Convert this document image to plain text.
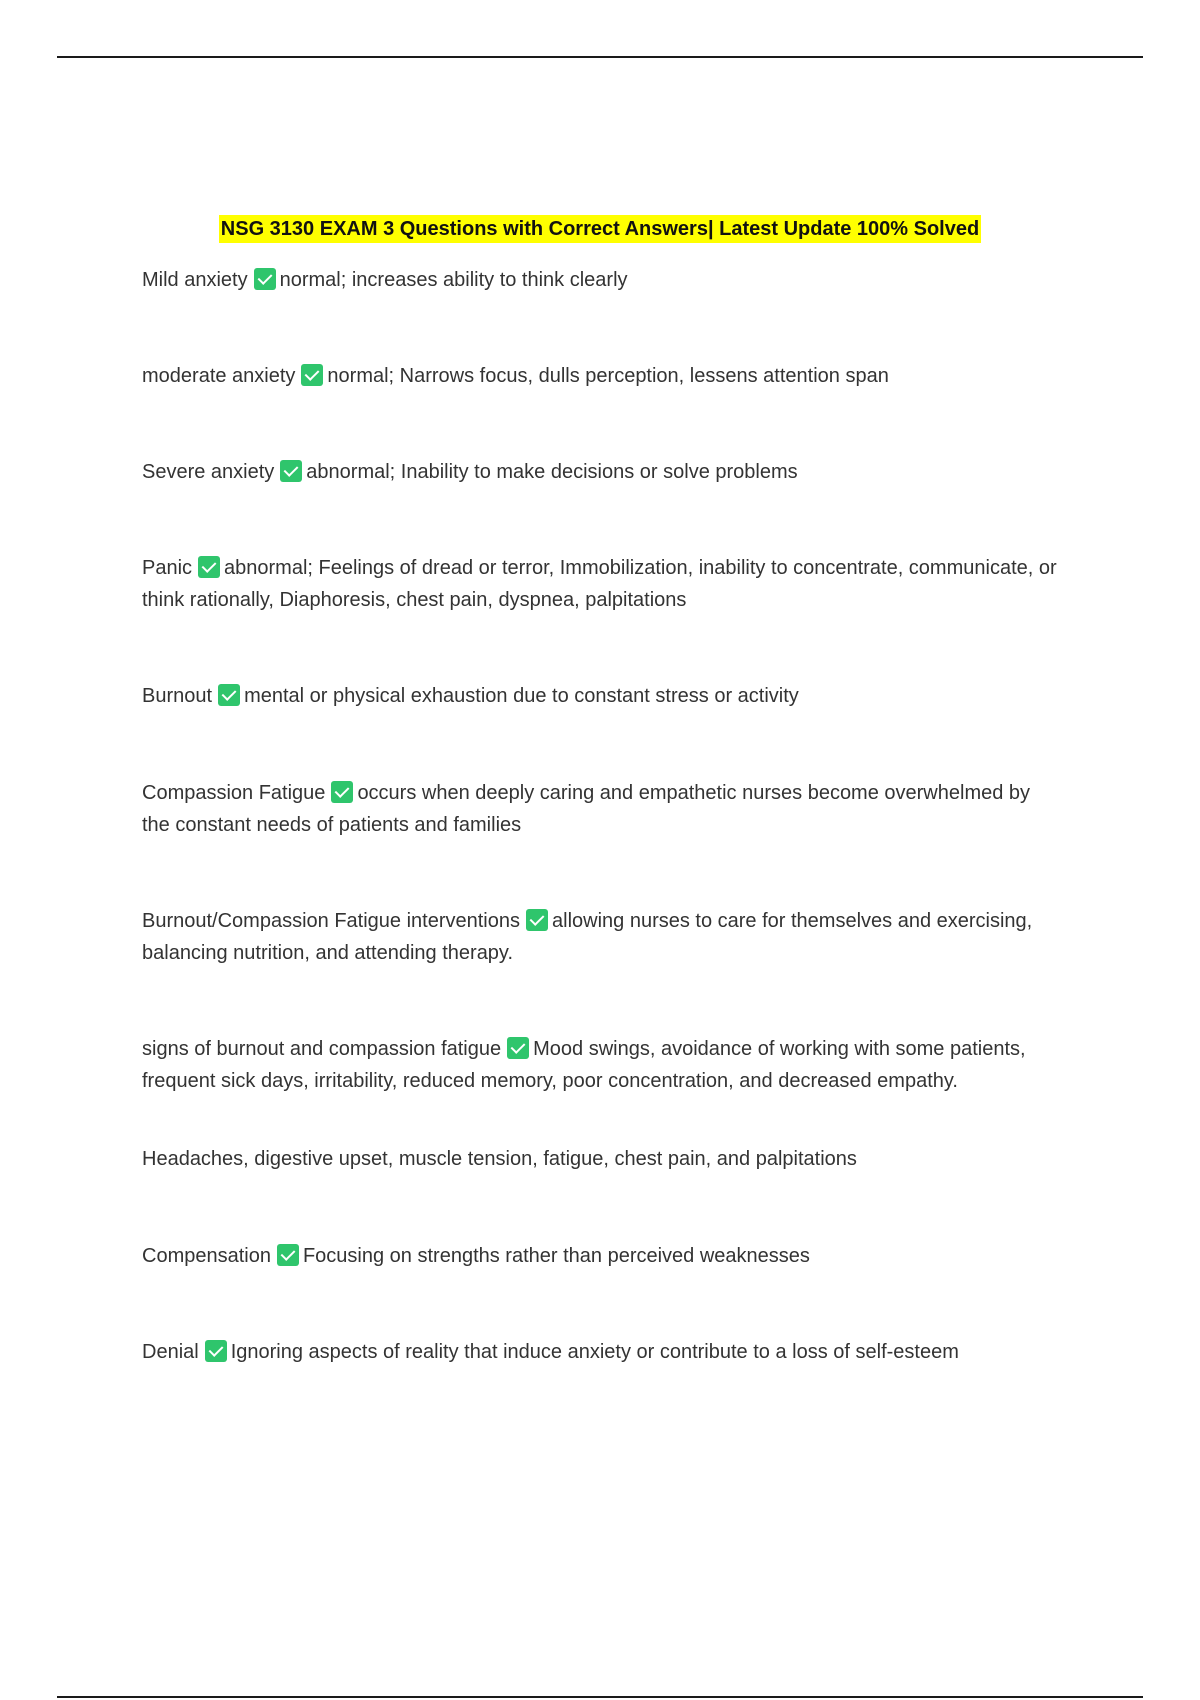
NSG 3130 EXAM 3 Questions with Correct Answers| Latest Update 100% Solved
Mild anxiety normal; increases ability to think clearly
moderate anxiety normal; Narrows focus, dulls perception, lessens attention span
Severe anxiety abnormal; Inability to make decisions or solve problems
Panic abnormal; Feelings of dread or terror, Immobilization, inability to concentrate, communicate, or think rationally, Diaphoresis, chest pain, dyspnea, palpitations
Burnout mental or physical exhaustion due to constant stress or activity
Compassion Fatigue occurs when deeply caring and empathetic nurses become overwhelmed by the constant needs of patients and families
Burnout/Compassion Fatigue interventions allowing nurses to care for themselves and exercising, balancing nutrition, and attending therapy.
signs of burnout and compassion fatigue Mood swings, avoidance of working with some patients, frequent sick days, irritability, reduced memory, poor concentration, and decreased empathy.
Headaches, digestive upset, muscle tension, fatigue, chest pain, and palpitations
Compensation Focusing on strengths rather than perceived weaknesses
Denial Ignoring aspects of reality that induce anxiety or contribute to a loss of self-esteem
